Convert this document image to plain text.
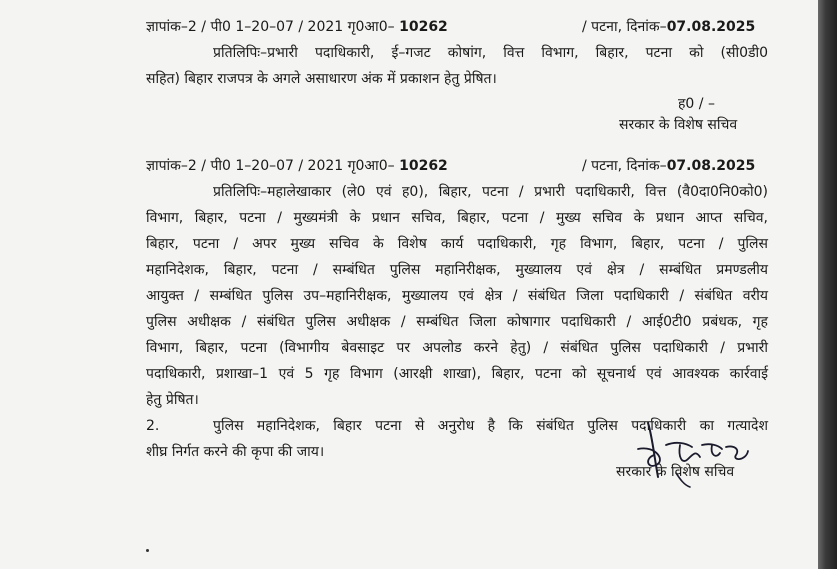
ज्ञापांक–2 / पी0 1–20–07 / 2021 गृ0आ0– 10262	/ पटना, दिनांक–07.08.2025
प्रतिलिपिः–प्रभारी पदाधिकारी, ई–गजट कोषांग, वित्त विभाग, बिहार, पटना को (सी0डी0
सहित) बिहार राजपत्र के अगले असाधारण अंक में प्रकाशन हेतु प्रेषित।
ह0 / –
सरकार के विशेष सचिव
ज्ञापांक–2 / पी0 1–20–07 / 2021 गृ0आ0– 10262	/ पटना, दिनांक–07.08.2025
प्रतिलिपिः–महालेखाकार (ले0 एवं ह0), बिहार, पटना / प्रभारी पदाधिकारी, वित्त (वै0दा0नि0को0)
विभाग, बिहार, पटना / मुख्यमंत्री के प्रधान सचिव, बिहार, पटना / मुख्य सचिव के प्रधान आप्त सचिव,
बिहार, पटना / अपर मुख्य सचिव के विशेष कार्य पदाधिकारी, गृह विभाग, बिहार, पटना / पुलिस
महानिदेशक, बिहार, पटना / सम्बंधित पुलिस महानिरीक्षक, मुख्यालय एवं क्षेत्र / सम्बंधित प्रमण्डलीय
आयुक्त / सम्बंधित पुलिस उप–महानिरीक्षक, मुख्यालय एवं क्षेत्र / संबंधित जिला पदाधिकारी / संबंधित वरीय
पुलिस अधीक्षक / संबंधित पुलिस अधीक्षक / सम्बंधित जिला कोषागार पदाधिकारी / आई0टी0 प्रबंधक, गृह
विभाग, बिहार, पटना (विभागीय बेवसाइट पर अपलोड करने हेतु) / संबंधित पुलिस पदाधिकारी / प्रभारी
पदाधिकारी, प्रशाखा–1 एवं 5 गृह विभाग (आरक्षी शाखा), बिहार, पटना को सूचनार्थ एवं आवश्यक कार्रवाई
हेतु प्रेषित।
2.	पुलिस महानिदेशक, बिहार पटना से अनुरोध है कि संबंधित पुलिस पदाधिकारी का गत्यादेश
शीघ्र निर्गत करने की कृपा की जाय।
सरकार के विशेष सचिव
